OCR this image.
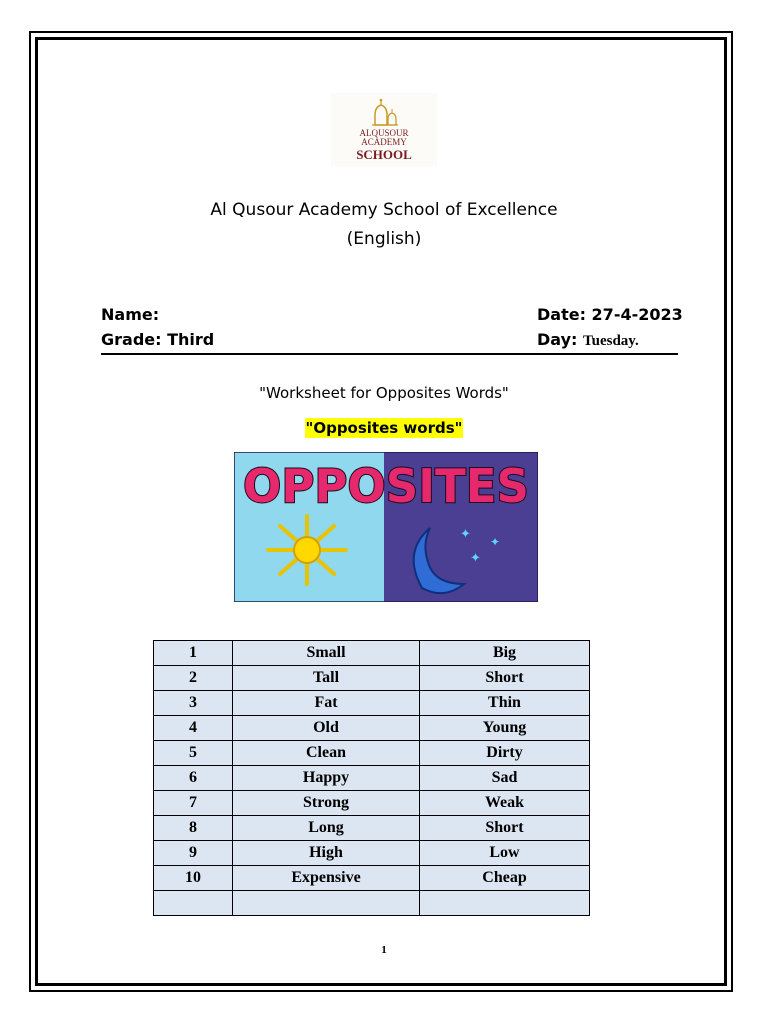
ALQUSOUR
ACADEMY
SCHOOL
Al Qusour Academy School of Excellence
(English)
Name:
Grade: Third
Date: 27-4-2023
Day: Tuesday.
"Worksheet for Opposites Words"
"Opposites words"
✦ ✦
✦
OPPOSITES
1	Small	Big
2	Tall	Short
3	Fat	Thin
4	Old	Young
5	Clean	Dirty
6	Happy	Sad
7	Strong	Weak
8	Long	Short
9	High	Low
10	Expensive	Cheap

1
